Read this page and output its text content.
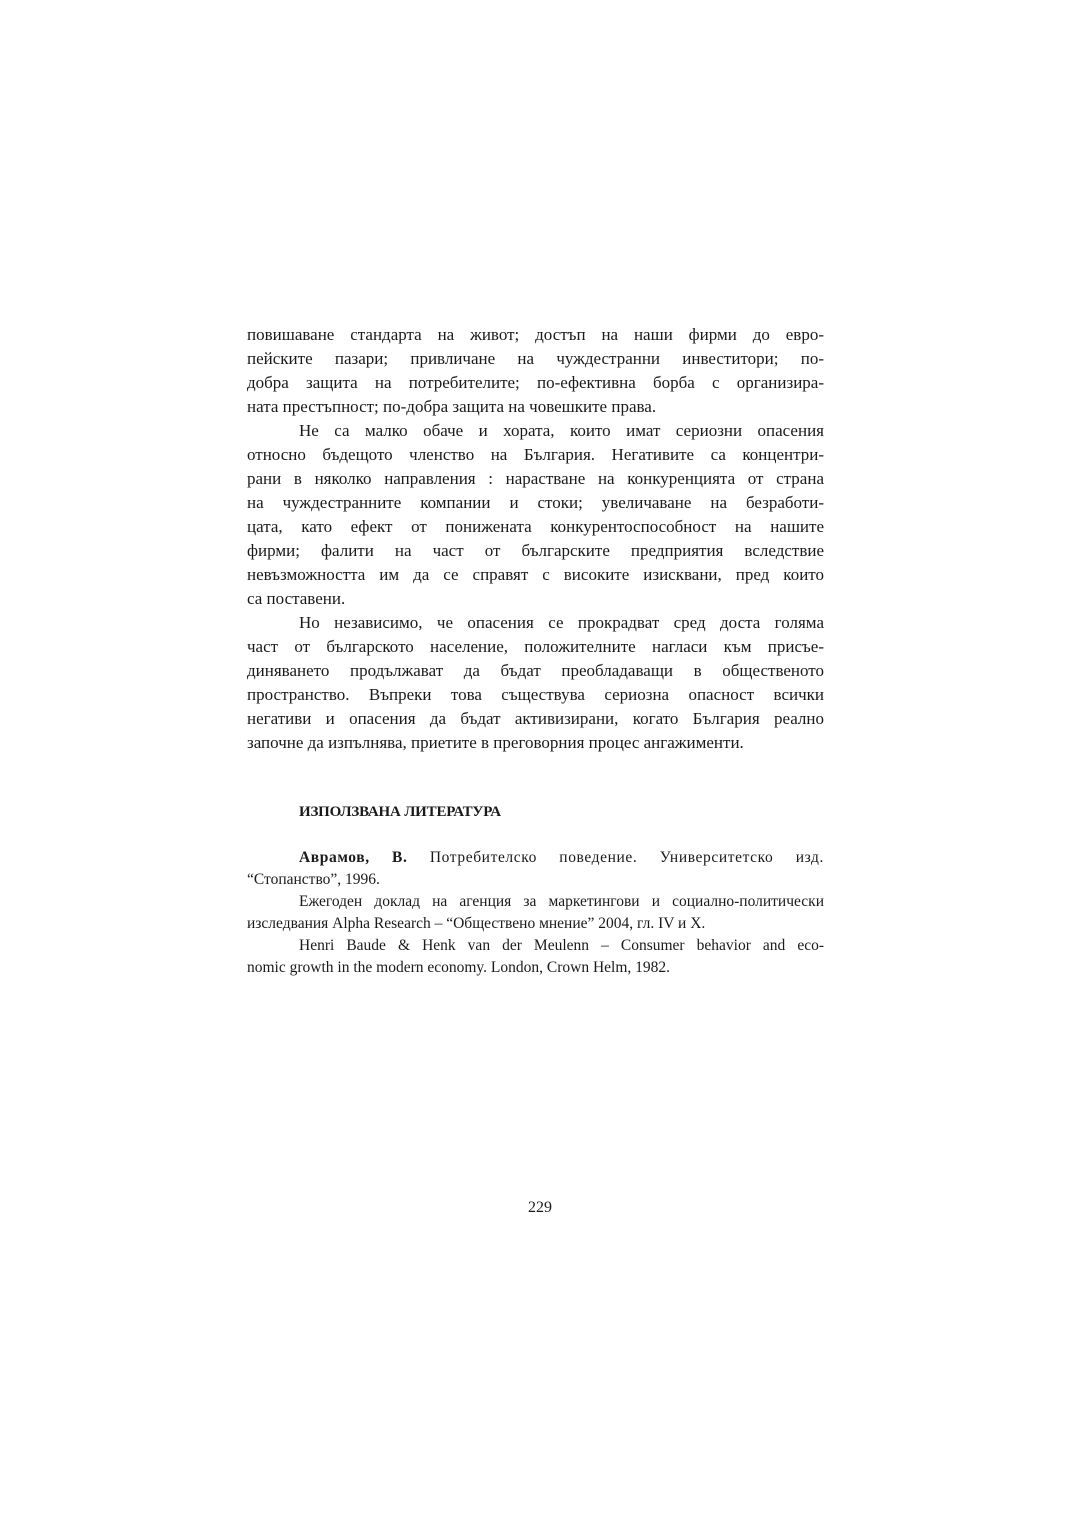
повишаване стандарта на живот; достъп на наши фирми до евро-
пейските пазари; привличане на чуждестранни инвеститори; по-
добра защита на потребителите; по-ефективна борба с организира-
ната престъпност; по-добра защита на човешките права.
Не са малко обаче и хората, които имат сериозни опасения
относно бъдещото членство на България. Негативите са концентри-
рани в няколко направления : нарастване на конкуренцията от страна
на чуждестранните компании и стоки; увеличаване на безработи-
цата, като ефект от понижената конкурентоспособност на нашите
фирми; фалити на част от българските предприятия вследствие
невъзможността им да се справят с високите изисквани, пред които
са поставени.
Но независимо, че опасения се прокрадват сред доста голяма
част от българското население, положителните нагласи към присъе-
диняването продължават да бъдат преобладаващи в общественото
пространство. Въпреки това съществува сериозна опасност всички
негативи и опасения да бъдат активизирани, когато България реално
започне да изпълнява, приетите в преговорния процес ангажименти.
ИЗПОЛЗВАНА ЛИТЕРАТУРА
Аврамов, В. Потребителско поведение. Университетско изд.
“Стопанство”, 1996.
Ежегоден доклад на агенция за маркетингови и социално-политически
изследвания Alpha Research – “Обществено мнение” 2004, гл. IV и Х.
Henri Baude & Henk van der Meulenn – Consumer behavior and eco-
nomic growth in the modern economy. London, Crown Helm, 1982.
229
